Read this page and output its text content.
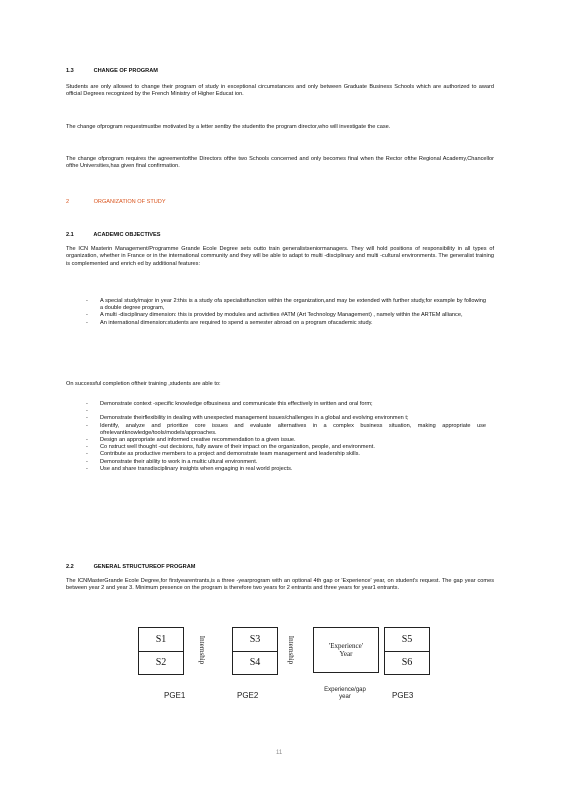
1.3	CHANGE OF PROGRAM

Students are only allowed to change their program of study in exceptional circumstances and only between Graduate Business Schools which are authorized to award official Degrees recognized by the French Ministry of Higher Educat ion.

The change ofprogram requestmustbe motivated by a letter sentby the studentto the program director,who will investigate the case.

The change ofprogram requires the agreementofthe Directors ofthe two Schools concerned and only becomes final when the Rector ofthe Regional Academy,Chancellor ofthe Universities,has given final confirmation.

2	ORGANIZATION OF STUDY
2.1	ACADEMIC OBJECTIVES

The ICN Masterin Management/Programme Grande Ecole Degree sets outto train generalistseniormanagers. They will hold positions of responsibility in all types of organization, whether in France or in the international community and they will be able to adapt to multi -disciplinary and multi -cultural environments. The generalist training is complemented and enrich ed by additional features:

- A special study/major in year 2:this is a study ofa specialistfunction within the organization,and may be extended with further study,for example by following a double degree program,
- A multi -disciplinary dimension: this is provided by modules and activities #ATM (Art Technology Management) , namely within the ARTEM alliance,
- An international dimension:students are required to spend a semester abroad on a program ofacademic study.

On successful completion oftheir training ,students are able to:

- Demonstrate context -specific knowledge ofbusiness and communicate this effectively in written and oral form;
-
- Demonstrate theirflexibility in dealing with unexpected management issues/challenges in a global and evolving environmen t;
- Identify, analyze and prioritize core issues and evaluate alternatives in a complex business situation, making appropriate use ofrelevantknowledge/tools/models/approaches.
- Design an appropriate and informed creative recommendation to a given issue.
- Co nstruct well thought -out decisions, fully aware of their impact on the organization, people, and environment.
- Contribute as productive members to a project and demonstrate team management and leadership skills.
- Demonstrate their ability to work in a multic ultural environment.
- Use and share transdisciplinary insights when engaging in real world projects.
2.2	GENERAL STRUCTUREOF PROGRAM

The ICNMasterGrande Ecole Degree,for firstyearentrants,is a three -yearprogram with an optional 4th gap or 'Experience' year, on student's request. The gap year comes between year 2 and year 3. Minimum presence on the program is therefore two years for 2 entrants and three years for year1 entrants.

S1
S2	Internship	S3
S4	Internship	'Experience'
Year
S5
S6
PGE1	PGE2
Experience/gap
year	PGE3
11
